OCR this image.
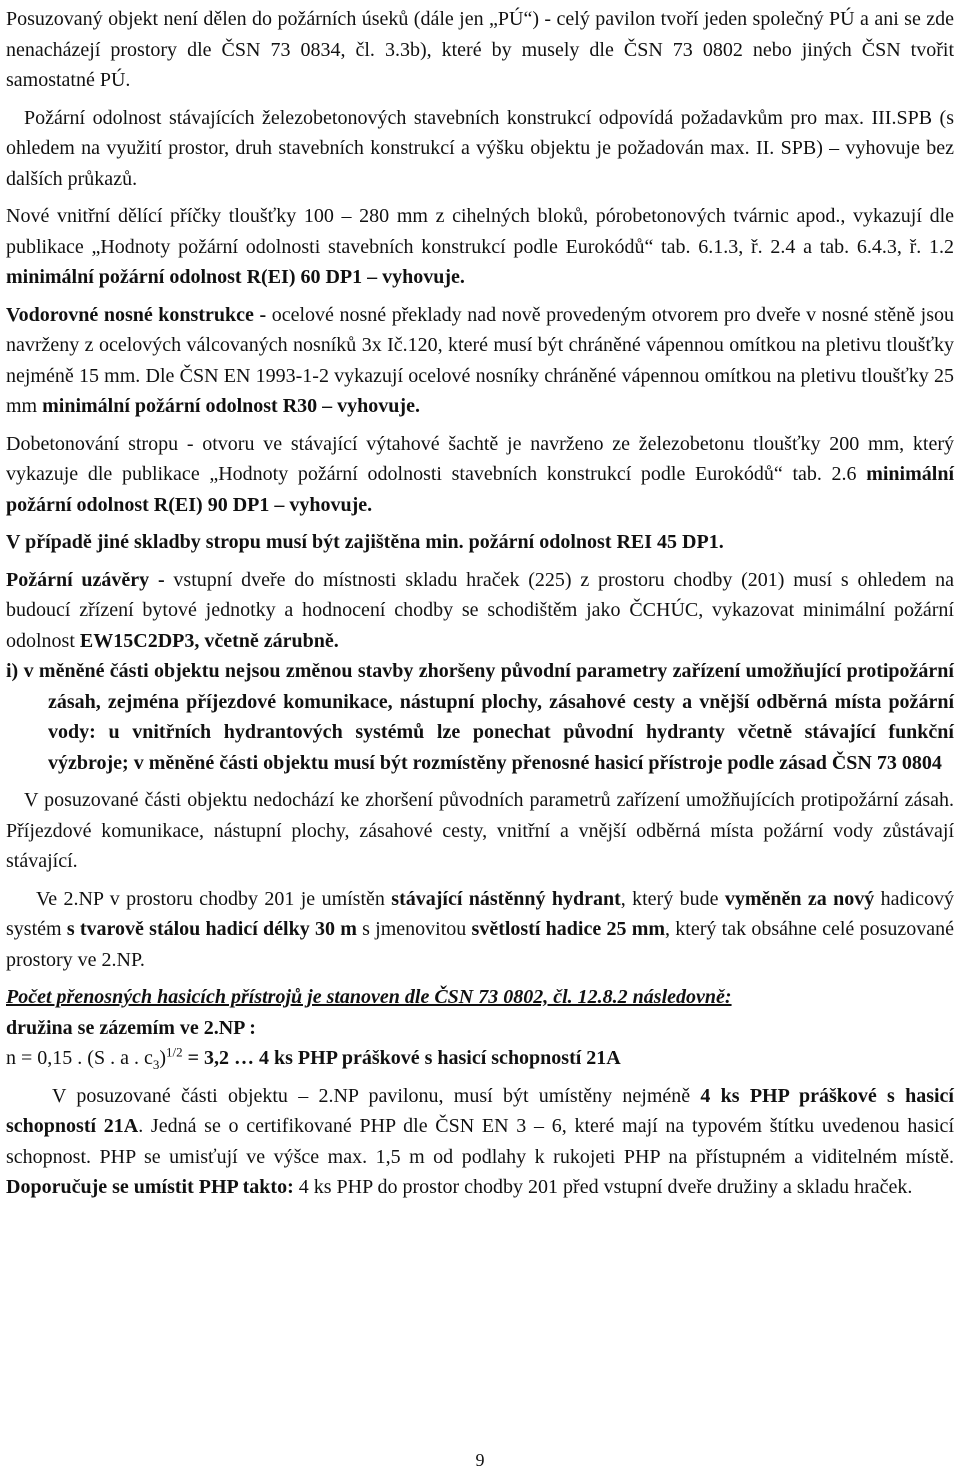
Posuzovaný objekt není dělen do požárních úseků (dále jen „PÚ“) - celý pavilon tvoří jeden společný PÚ a ani se zde nenacházejí prostory dle ČSN 73 0834, čl. 3.3b), které by musely dle ČSN 73 0802 nebo jiných ČSN tvořit samostatné PÚ.

Požární odolnost stávajících železobetonových stavebních konstrukcí odpovídá požadavkům pro max. III.SPB (s ohledem na využití prostor, druh stavebních konstrukcí a výšku objektu je požadován max. II. SPB) – vyhovuje bez dalších průkazů.

Nové vnitřní dělící příčky tloušťky 100 – 280 mm z cihelných bloků, pórobetonových tvárnic apod., vykazují dle publikace „Hodnoty požární odolnosti stavebních konstrukcí podle Eurokódů“ tab. 6.1.3, ř. 2.4 a tab. 6.4.3, ř. 1.2 minimální požární odolnost R(EI) 60 DP1 – vyhovuje.

Vodorovné nosné konstrukce - ocelové nosné překlady nad nově provedeným otvorem pro dveře v nosné stěně jsou navrženy z ocelových válcovaných nosníků 3x Ič.120, které musí být chráněné vápennou omítkou na pletivu tloušťky nejméně 15 mm. Dle ČSN EN 1993-1-2 vykazují ocelové nosníky chráněné vápennou omítkou na pletivu tloušťky 25 mm minimální požární odolnost R30 – vyhovuje.

Dobetonování stropu - otvoru ve stávající výtahové šachtě je navrženo ze železobetonu tloušťky 200 mm, který vykazuje dle publikace „Hodnoty požární odolnosti stavebních konstrukcí podle Eurokódů“ tab. 2.6 minimální požární odolnost R(EI) 90 DP1 – vyhovuje.

V případě jiné skladby stropu musí být zajištěna min. požární odolnost REI 45 DP1.

Požární uzávěry - vstupní dveře do místnosti skladu hraček (225) z prostoru chodby (201) musí s ohledem na budoucí zřízení bytové jednotky a hodnocení chodby se schodištěm jako ČCHÚC, vykazovat minimální požární odolnost EW15C2DP3, včetně zárubně.

i) v měněné části objektu nejsou změnou stavby zhoršeny původní parametry zařízení umožňující protipožární zásah, zejména příjezdové komunikace, nástupní plochy, zásahové cesty a vnější odběrná místa požární vody: u vnitřních hydrantových systémů lze ponechat původní hydranty včetně stávající funkční výzbroje; v měněné části objektu musí být rozmístěny přenosné hasicí přístroje podle zásad ČSN 73 0804

V posuzované části objektu nedochází ke zhoršení původních parametrů zařízení umožňujících protipožární zásah. Příjezdové komunikace, nástupní plochy, zásahové cesty, vnitřní a vnější odběrná místa požární vody zůstávají stávající.

Ve 2.NP v prostoru chodby 201 je umístěn stávající nástěnný hydrant, který bude vyměněn za nový hadicový systém s tvarově stálou hadicí délky 30 m s jmenovitou světlostí hadice 25 mm, který tak obsáhne celé posuzované prostory ve 2.NP.

Počet přenosných hasicích přístrojů je stanoven dle ČSN 73 0802, čl. 12.8.2 následovně:

družina se zázemím ve 2.NP :

n = 0,15 . (S . a . $c_3)^{1/2} = 3,2$ … 4 ks PHP práškové s hasicí schopností 21A

V posuzované části objektu – 2.NP pavilonu, musí být umístěny nejméně 4 ks PHP práškové s hasicí schopností 21A. Jedná se o certifikované PHP dle ČSN EN 3 – 6, které mají na typovém štítku uvedenou hasicí schopnost. PHP se umisťují ve výšce max. 1,5 m od podlahy k rukojeti PHP na přístupném a viditelném místě. Doporučuje se umístit PHP takto: 4 ks PHP do prostor chodby 201 před vstupní dveře družiny a skladu hraček.

9
